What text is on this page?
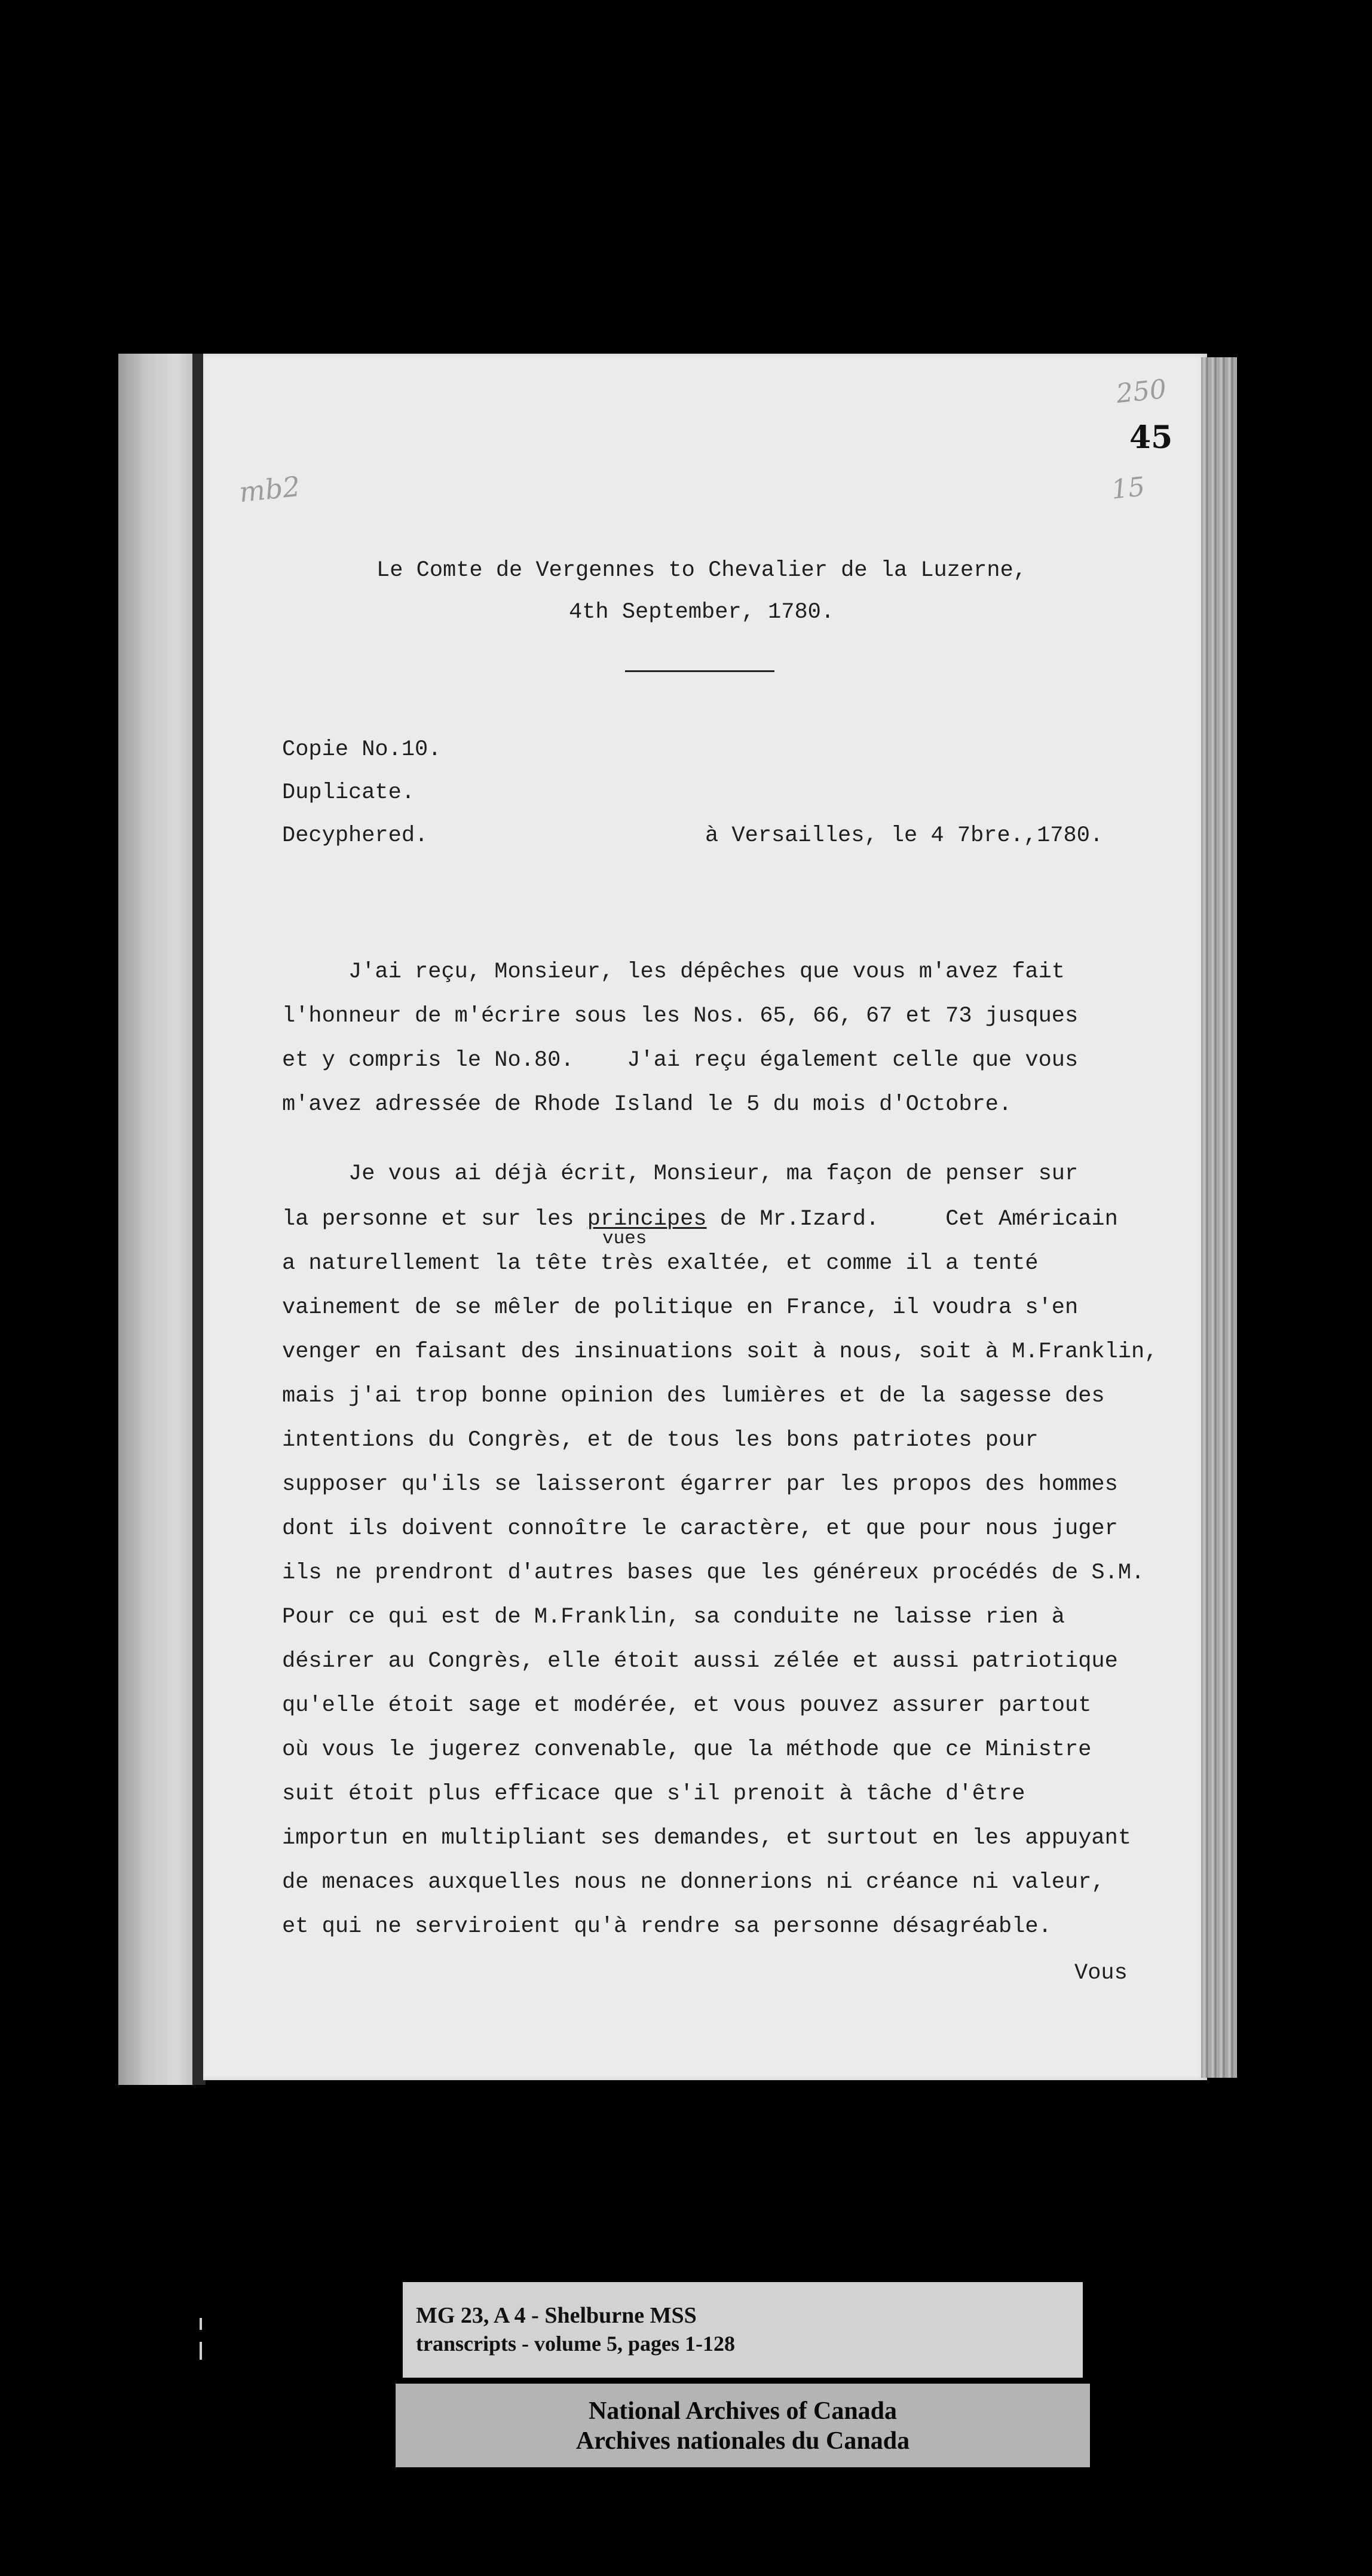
mb2
250
45
15
Le Comte de Vergennes to Chevalier de la Luzerne,
4th September, 1780.
Copie No.10.
Duplicate.
Decyphered.	à Versailles, le 4 7bre.,1780.
J'ai reçu, Monsieur, les dépêches que vous m'avez fait
l'honneur de m'écrire sous les Nos. 65, 66, 67 et 73 jusques
et y compris le No.80.    J'ai reçu également celle que vous
m'avez adressée de Rhode Island le 5 du mois d'Octobre.
Je vous ai déjà écrit, Monsieur, ma façon de penser sur
la personne et sur les principes de Mr.Izard.     Cet Américain
vues
a naturellement la tête très exaltée, et comme il a tenté
vainement de se mêler de politique en France, il voudra s'en
venger en faisant des insinuations soit à nous, soit à M.Franklin,
mais j'ai trop bonne opinion des lumières et de la sagesse des
intentions du Congrès, et de tous les bons patriotes pour
supposer qu'ils se laisseront égarrer par les propos des hommes
dont ils doivent connoître le caractère, et que pour nous juger
ils ne prendront d'autres bases que les généreux procédés de S.M.
Pour ce qui est de M.Franklin, sa conduite ne laisse rien à
désirer au Congrès, elle étoit aussi zélée et aussi patriotique
qu'elle étoit sage et modérée, et vous pouvez assurer partout
où vous le jugerez convenable, que la méthode que ce Ministre
suit étoit plus efficace que s'il prenoit à tâche d'être
importun en multipliant ses demandes, et surtout en les appuyant
de menaces auxquelles nous ne donnerions ni créance ni valeur,
et qui ne serviroient qu'à rendre sa personne désagréable.
Vous
MG 23, A 4 - Shelburne MSS
transcripts - volume 5, pages 1-128
National Archives of Canada
Archives nationales du Canada
